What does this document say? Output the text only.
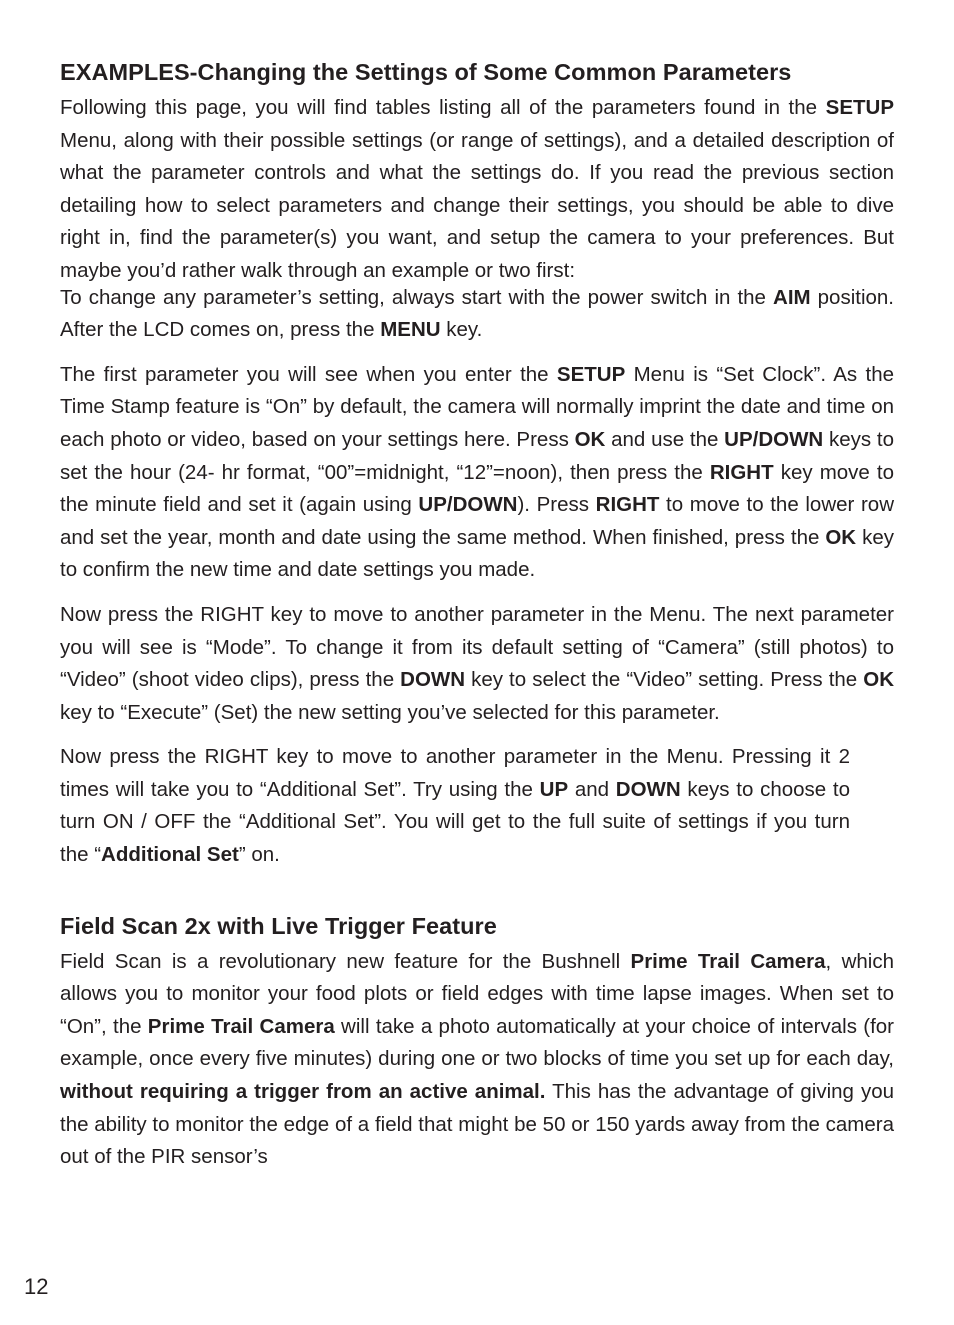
EXAMPLES-Changing the Settings of Some Common Parameters

Following this page, you will find tables listing all of the parameters found in the SETUP Menu, along with their possible settings (or range of settings), and a detailed description of what the parameter controls and what the settings do. If you read the previous section detailing how to select parameters and change their settings, you should be able to dive right in, find the parameter(s) you want, and setup the camera to your preferences. But maybe you’d rather walk through an example or two first:

To change any parameter’s setting, always start with the power switch in the AIM position. After the LCD comes on, press the MENU key.

The first parameter you will see when you enter the SETUP Menu is “Set Clock”. As the Time Stamp feature is “On” by default, the camera will normally imprint the date and time on each photo or video, based on your settings here. Press OK and use the UP/DOWN keys to set the hour (24- hr format, “00”=midnight, “12”=noon), then press the RIGHT key move to the minute field and set it (again using UP/DOWN). Press RIGHT to move to the lower row and set the year, month and date using the same method. When finished, press the OK key to confirm the new time and date settings you made.

Now press the RIGHT key to move to another parameter in the Menu. The next parameter you will see is “Mode”. To change it from its default setting of “Camera” (still photos) to “Video” (shoot video clips), press the DOWN key to select the “Video” setting. Press the OK key to “Execute” (Set) the new setting you’ve selected for this parameter.

Now press the RIGHT key to move to another parameter in the Menu. Pressing it 2 times will take you to “Additional Set”. Try using the UP and DOWN keys to choose to turn ON / OFF the “Additional Set”. You will get to the full suite of settings if you turn the “Additional Set” on.

Field Scan 2x with Live Trigger Feature

Field Scan is a revolutionary new feature for the Bushnell Prime Trail Camera, which allows you to monitor your food plots or field edges with time lapse images. When set to “On”, the Prime Trail Camera will take a photo automatically at your choice of intervals (for example, once every five minutes) during one or two blocks of time you set up for each day, without requiring a trigger from an active animal. This has the advantage of giving you the ability to monitor the edge of a field that might be 50 or 150 yards away from the camera out of the PIR sensor’s

12
